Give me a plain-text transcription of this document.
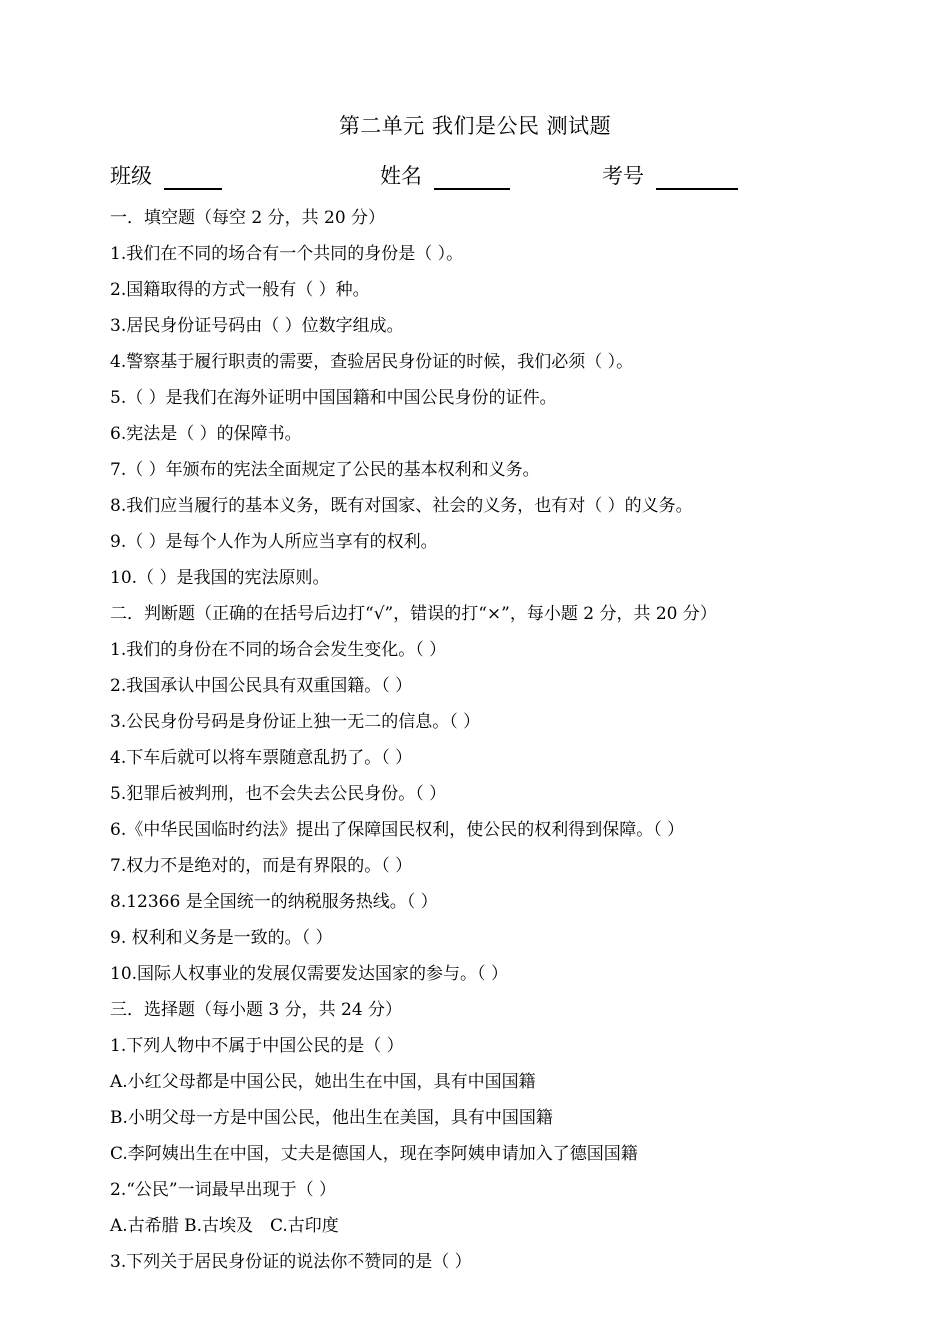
第二单元 我们是公民 测试题
班级	姓名	考号
一．填空题（每空 2 分，共 20 分）
1.我们在不同的场合有一个共同的身份是（ ）。
2.国籍取得的方式一般有（ ）种。
3.居民身份证号码由（ ）位数字组成。
4.警察基于履行职责的需要，查验居民身份证的时候，我们必须（ ）。
5.（ ）是我们在海外证明中国国籍和中国公民身份的证件。
6.宪法是（ ）的保障书。
7.（ ）年颁布的宪法全面规定了公民的基本权利和义务。
8.我们应当履行的基本义务，既有对国家、社会的义务，也有对（ ）的义务。
9.（ ）是每个人作为人所应当享有的权利。
10.（ ）是我国的宪法原则。
二．判断题（正确的在括号后边打“√”，错误的打“×”，每小题 2 分，共 20 分）
1.我们的身份在不同的场合会发生变化。（ ）
2.我国承认中国公民具有双重国籍。（ ）
3.公民身份号码是身份证上独一无二的信息。（ ）
4.下车后就可以将车票随意乱扔了。（ ）
5.犯罪后被判刑，也不会失去公民身份。（ ）
6.《中华民国临时约法》提出了保障国民权利，使公民的权利得到保障。（ ）
7.权力不是绝对的，而是有界限的。（ ）
8.12366 是全国统一的纳税服务热线。（ ）
9. 权利和义务是一致的。（ ）
10.国际人权事业的发展仅需要发达国家的参与。（ ）
三．选择题（每小题 3 分，共 24 分）
1.下列人物中不属于中国公民的是（ ）
A.小红父母都是中国公民，她出生在中国，具有中国国籍
B.小明父母一方是中国公民，他出生在美国，具有中国国籍
C.李阿姨出生在中国，丈夫是德国人，现在李阿姨申请加入了德国国籍
2.“公民”一词最早出现于（ ）
A.古希腊 B.古埃及　C.古印度
3.下列关于居民身份证的说法你不赞同的是（ ）
